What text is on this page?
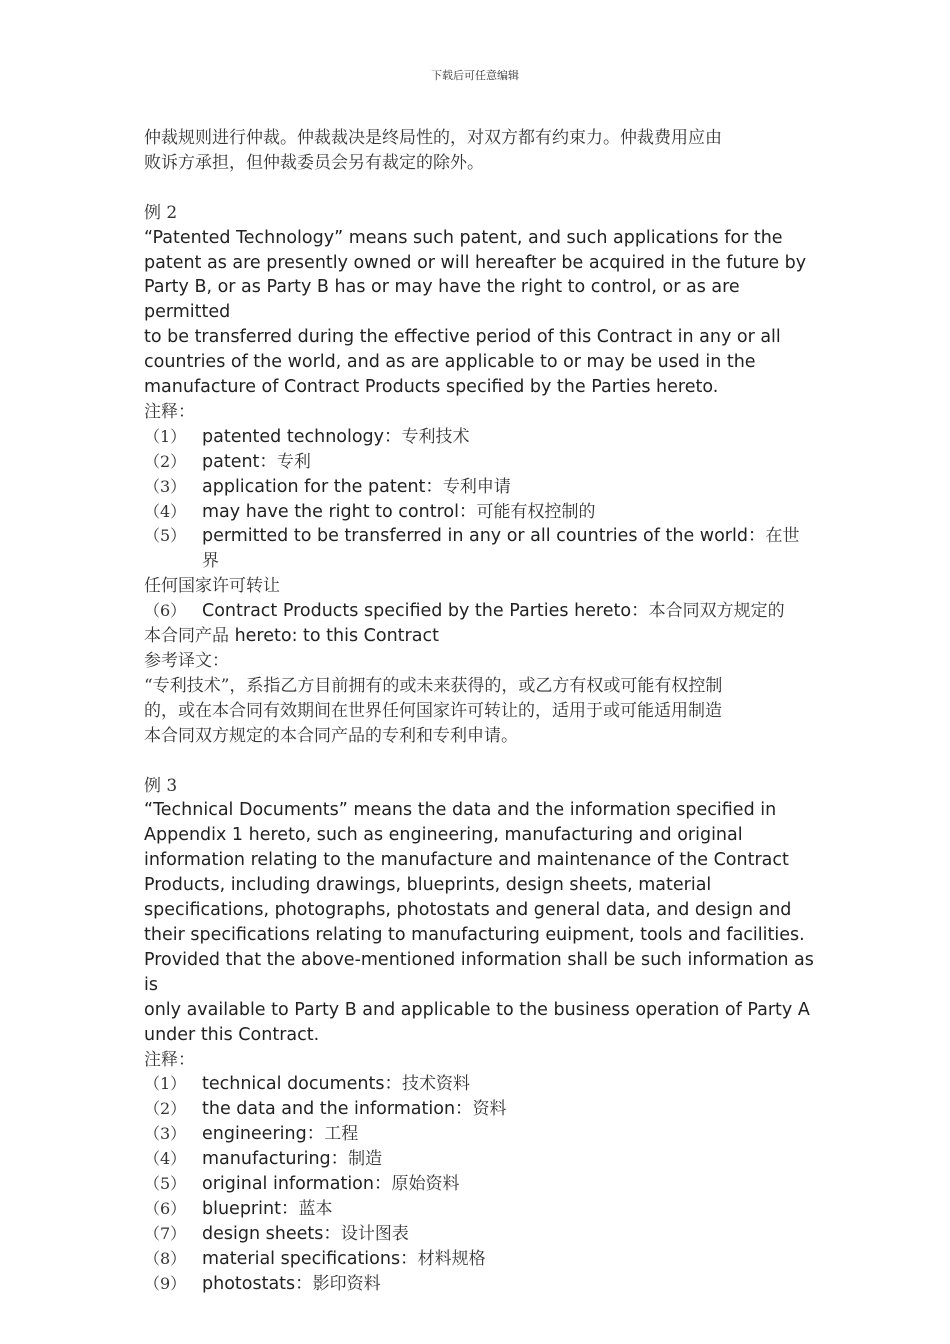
下载后可任意编辑

仲裁规则进行仲裁。仲裁裁决是终局性的，对双方都有约束力。仲裁费用应由

败诉方承担，但仲裁委员会另有裁定的除外。

例 2

“Patented Technology” means such patent, and such applications for the

patent as are presently owned or will hereafter be acquired in the future by

Party B, or as Party B has or may have the right to control, or as are permitted

to be transferred during the effective period of this Contract in any or all

countries of the world, and as are applicable to or may be used in the

manufacture of Contract Products specified by the Parties hereto.

注释：

（1） patented technology：专利技术
（2） patent：专利
（3） application for the patent：专利申请
（4） may have the right to control：可能有权控制的
（5） permitted to be transferred in any or all countries of the world：在世界

任何国家许可转让

（6） Contract Products specified by the Parties hereto：本合同双方规定的

本合同产品 hereto: to this Contract

参考译文：

“专利技术”，系指乙方目前拥有的或未来获得的，或乙方有权或可能有权控制

的，或在本合同有效期间在世界任何国家许可转让的，适用于或可能适用制造

本合同双方规定的本合同产品的专利和专利申请。

例 3

“Technical Documents” means the data and the information specified in

Appendix 1 hereto, such as engineering, manufacturing and original

information relating to the manufacture and maintenance of the Contract

Products, including drawings, blueprints, design sheets, material

specifications, photographs, photostats and general data, and design and

their specifications relating to manufacturing euipment, tools and facilities.

Provided that the above-mentioned information shall be such information as is

only available to Party B and applicable to the business operation of Party A

under this Contract.

注释：

（1） technical documents：技术资料
（2） the data and the information：资料
（3） engineering：工程
（4） manufacturing：制造
（5） original information：原始资料
（6） blueprint：蓝本
（7） design sheets：设计图表
（8） material specifications：材料规格
（9） photostats：影印资料
